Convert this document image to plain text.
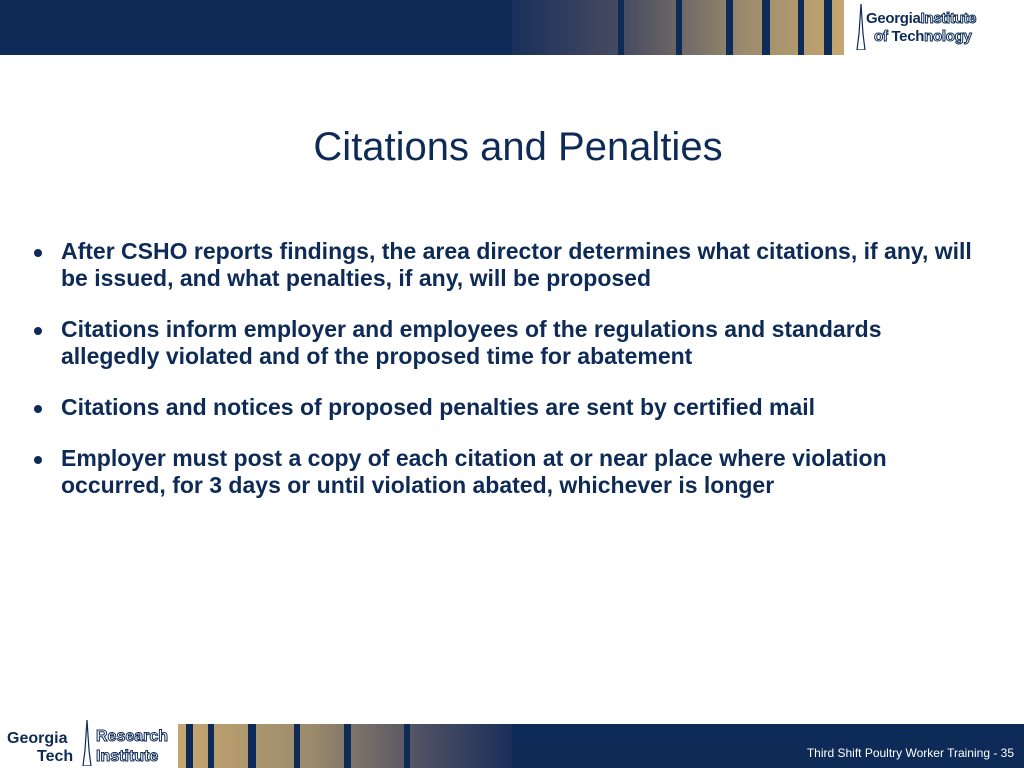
GeorgiaInstitute
of Technology
Citations and Penalties
After CSHO reports findings, the area director determines what citations, if any, will be issued, and what penalties, if any, will be proposed
Citations inform employer and employees of the regulations and standards allegedly violated and of the proposed time for abatement
Citations and notices of proposed penalties are sent by certified mail
Employer must post a copy of each citation at or near place where violation occurred, for 3 days or until violation abated, whichever is longer
Georgia
Tech
Research
Institute	Third Shift Poultry Worker Training - 35
